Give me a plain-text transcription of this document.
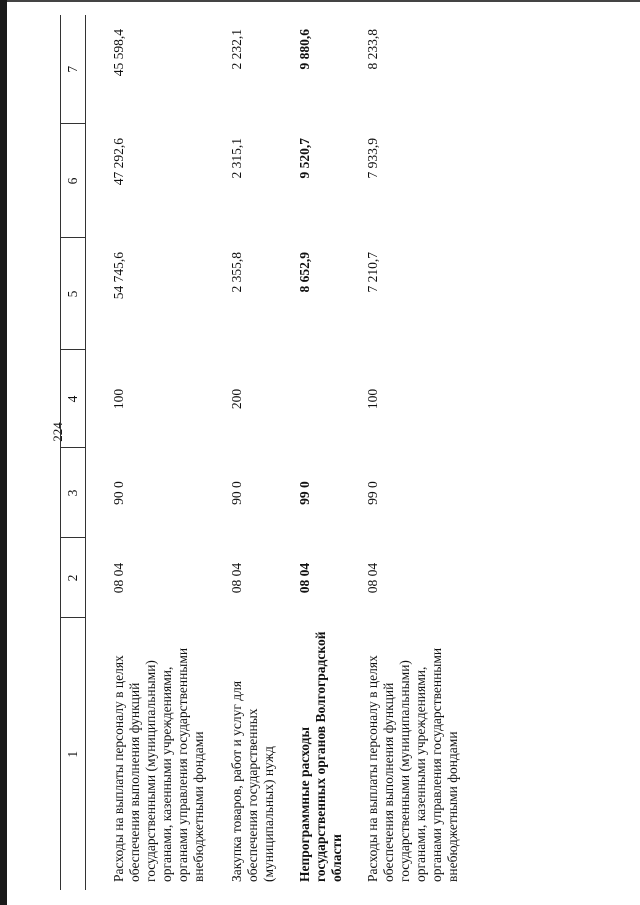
224
1	2	3	4	5	6	7
Расходы на выплаты персоналу в целях обеспечения выполнения функций государственными (муниципальными) органами, казенными учреждениями, органами управления государственными внебюджетными фондами	08 04	90 0	100	54 745,6	47 292,6	45 598,4
Закупка товаров, работ и услуг для обеспечения государственных (муниципальных) нужд	08 04	90 0	200	2 355,8	2 315,1	2 232,1
Непрограммные расходы государственных органов Волгоградской области	08 04	99 0		8 652,9	9 520,7	9 880,6
Расходы на выплаты персоналу в целях обеспечения выполнения функций государственными (муниципальными) органами, казенными учреждениями, органами управления государственными внебюджетными фондами	08 04	99 0	100	7 210,7	7 933,9	8 233,8
